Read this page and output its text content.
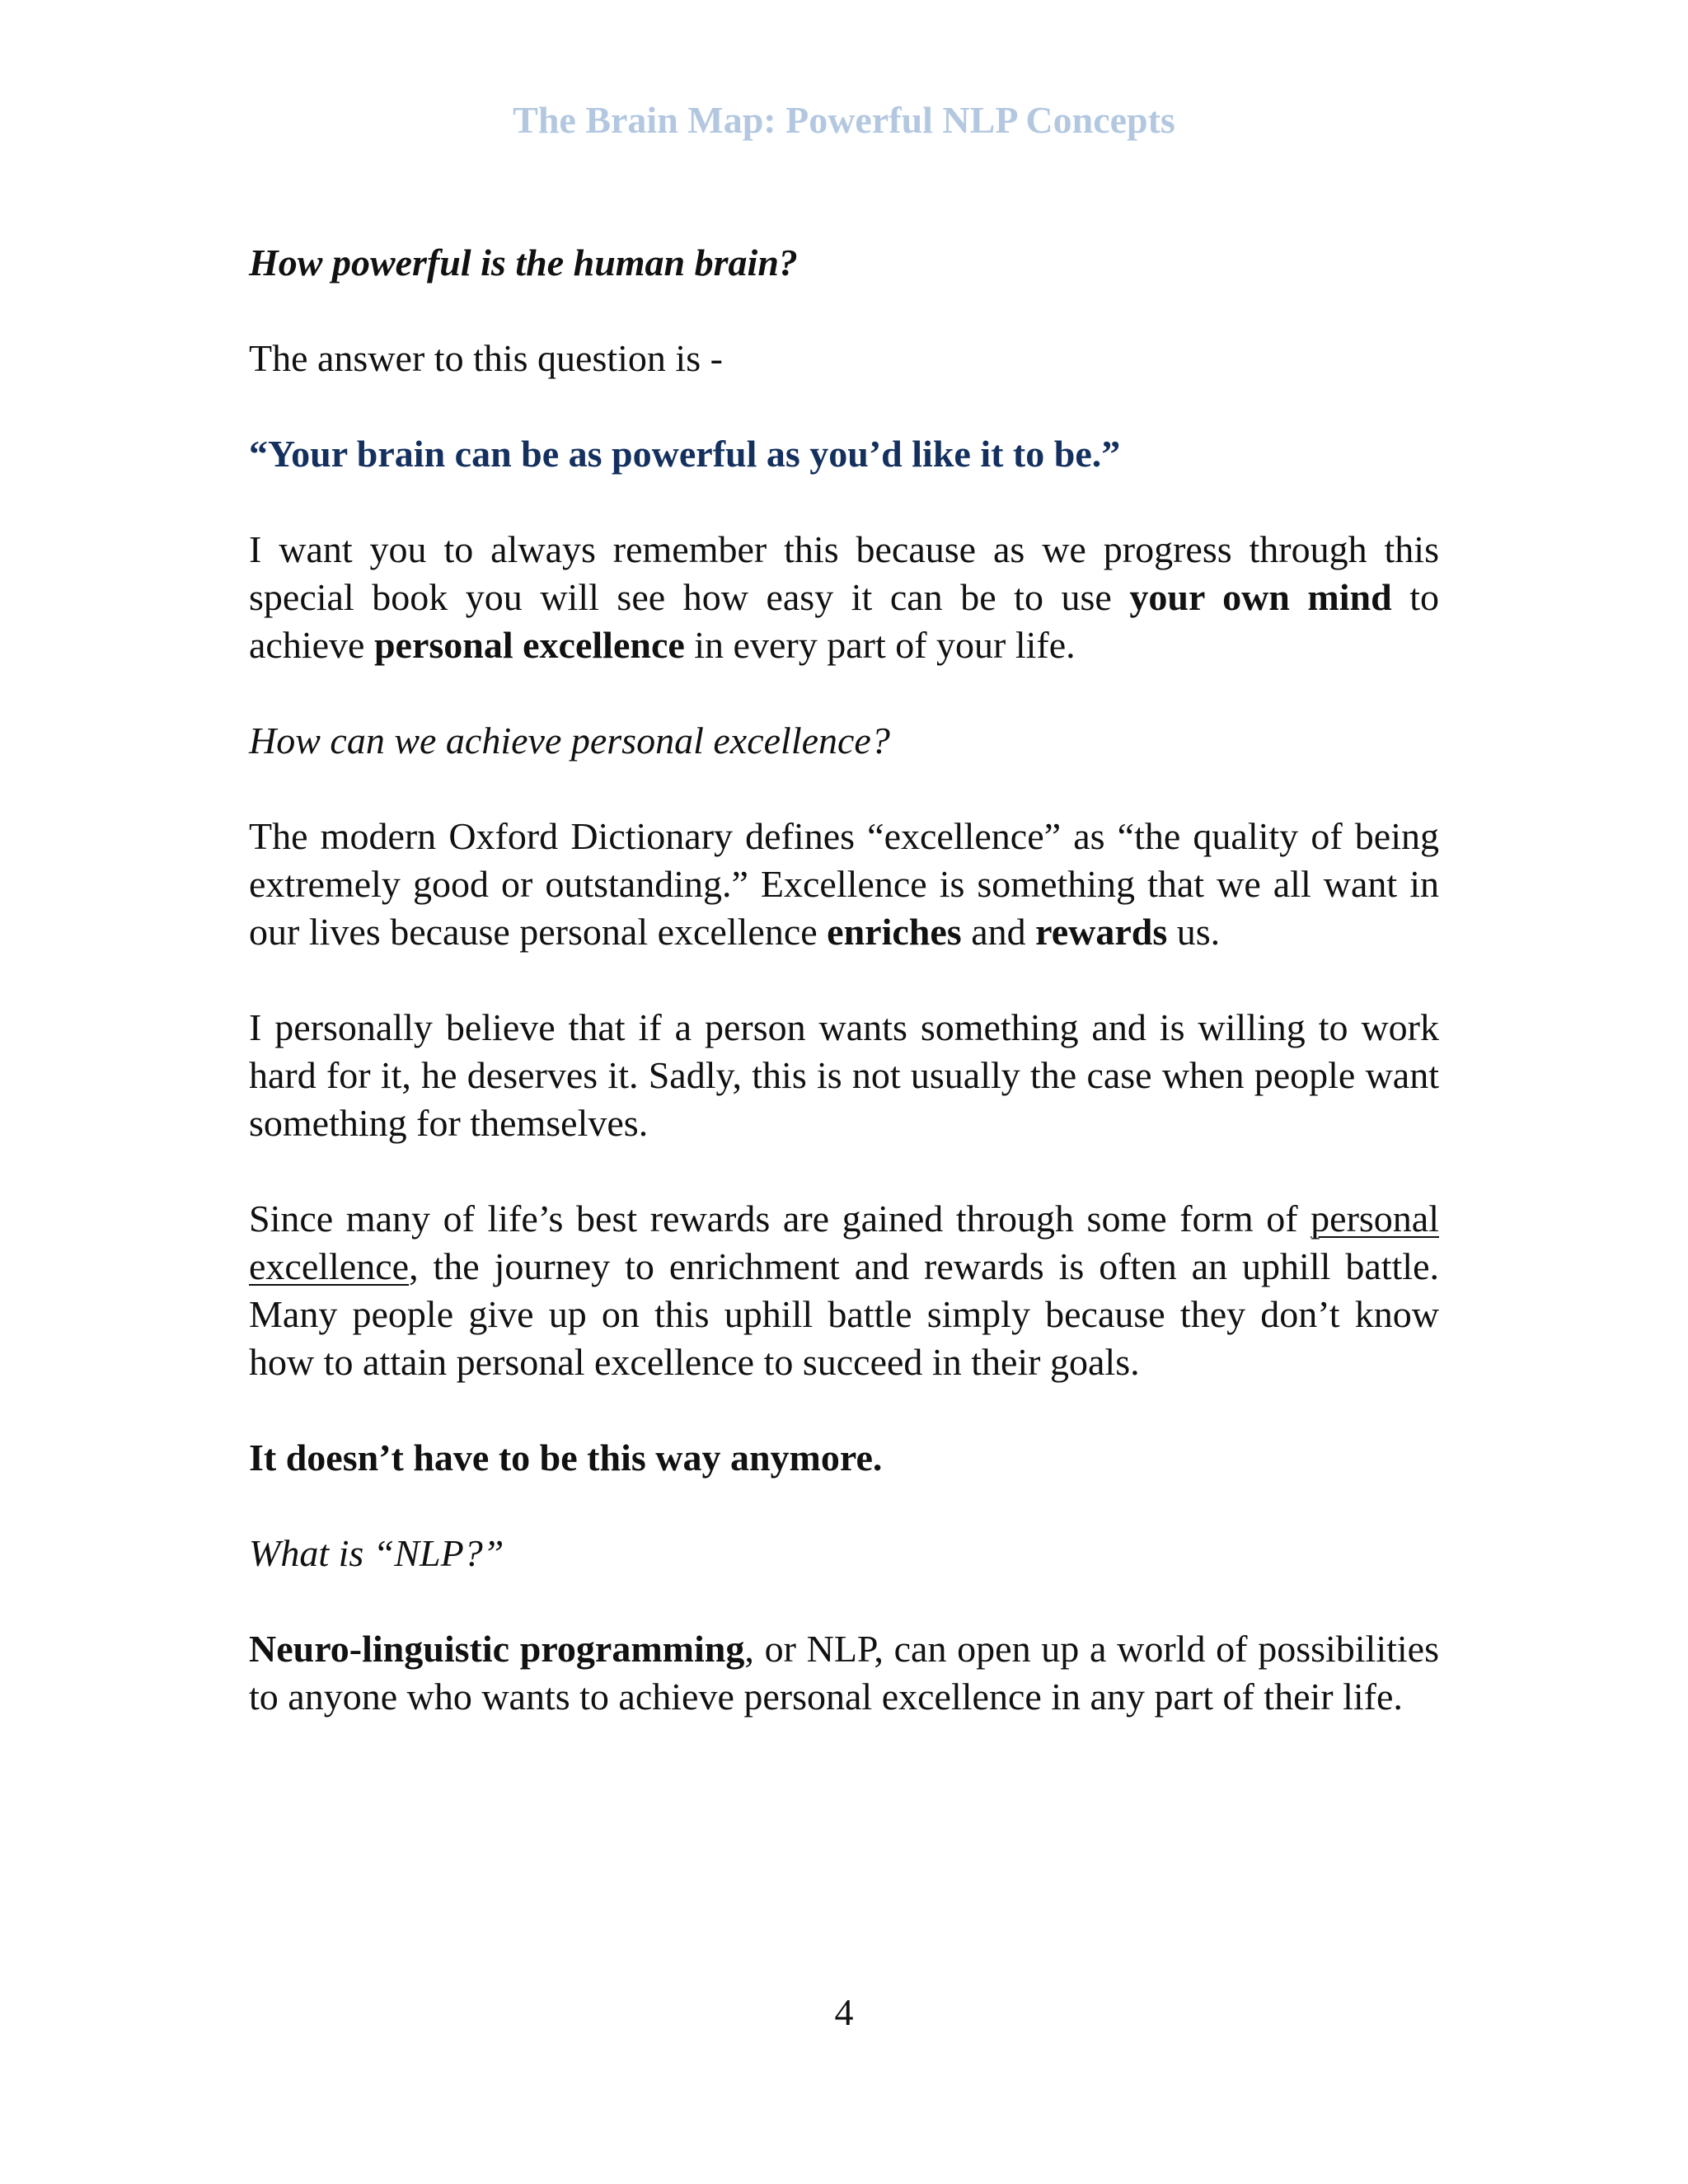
The Brain Map: Powerful NLP Concepts

How powerful is the human brain?

The answer to this question is -

“Your brain can be as powerful as you’d like it to be.”

I want you to always remember this because as we progress through this special book you will see how easy it can be to use your own mind to achieve personal excellence in every part of your life.

How can we achieve personal excellence?

The modern Oxford Dictionary defines “excellence” as “the quality of being extremely good or outstanding.” Excellence is something that we all want in our lives because personal excellence enriches and rewards us.

I personally believe that if a person wants something and is willing to work hard for it, he deserves it. Sadly, this is not usually the case when people want something for themselves.

Since many of life’s best rewards are gained through some form of personal excellence, the journey to enrichment and rewards is often an uphill battle. Many people give up on this uphill battle simply because they don’t know how to attain personal excellence to succeed in their goals.

It doesn’t have to be this way anymore.

What is “NLP?”

Neuro-linguistic programming, or NLP, can open up a world of possibilities to anyone who wants to achieve personal excellence in any part of their life.

4
